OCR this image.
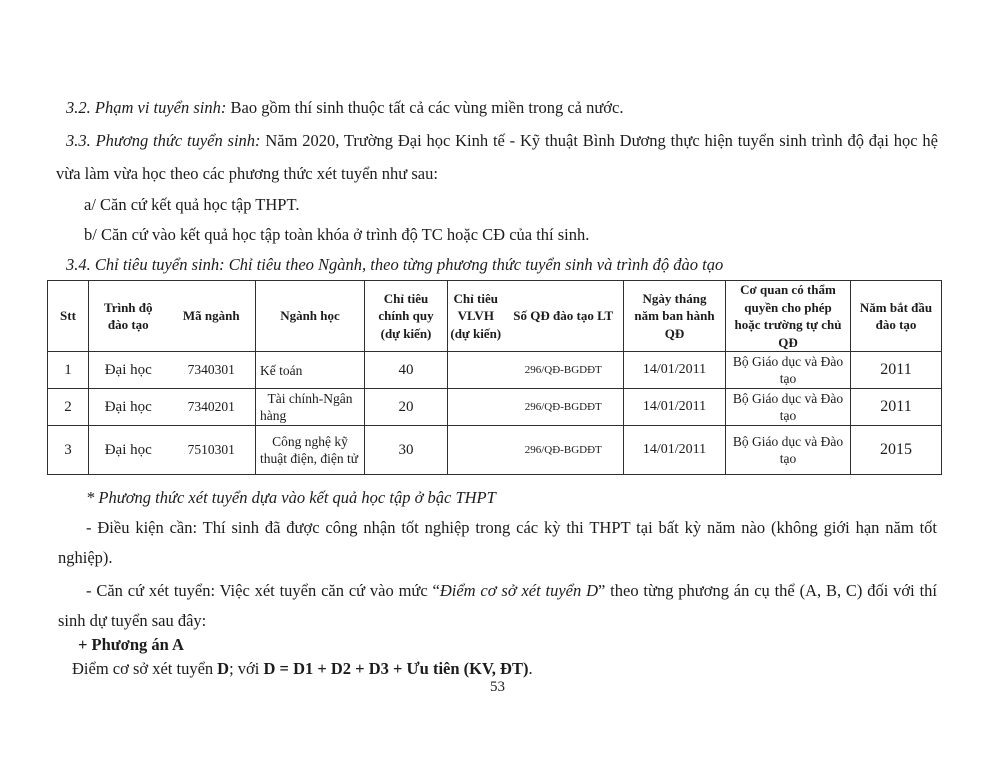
3.2. Phạm vi tuyển sinh: Bao gồm thí sinh thuộc tất cả các vùng miền trong cả nước.

3.3. Phương thức tuyển sinh: Năm 2020, Trường Đại học Kinh tế - Kỹ thuật Bình Dương thực hiện tuyển sinh trình độ đại học hệ vừa làm vừa học theo các phương thức xét tuyển như sau:

a/ Căn cứ kết quả học tập THPT.

b/ Căn cứ vào kết quả học tập toàn khóa ở trình độ TC hoặc CĐ của thí sinh.

3.4. Chỉ tiêu tuyển sinh: Chỉ tiêu theo Ngành, theo từng phương thức tuyển sinh và trình độ đào tạo

Stt	Trình độ đào tạo	Mã ngành	Ngành học	Chỉ tiêu chính quy (dự kiến)	Chỉ tiêu VLVH (dự kiến)	Số QĐ đào tạo LT	Ngày tháng năm ban hành QĐ	Cơ quan có thẩm quyền cho phép hoặc trường tự chủ QĐ	Năm bắt đầu đào tạo
1	Đại học	7340301	Kế toán	40		296/QĐ-BGDĐT	14/01/2011	Bộ Giáo dục và Đào tạo	2011
2	Đại học	7340201	Tài chính-Ngân hàng	20		296/QĐ-BGDĐT	14/01/2011	Bộ Giáo dục và Đào tạo	2011
3	Đại học	7510301	Công nghệ kỹ thuật điện, điện tử	30		296/QĐ-BGDĐT	14/01/2011	Bộ Giáo dục và Đào tạo	2015

* Phương thức xét tuyển dựa vào kết quả học tập ở bậc THPT

- Điều kiện cần: Thí sinh đã được công nhận tốt nghiệp trong các kỳ thi THPT tại bất kỳ năm nào (không giới hạn năm tốt nghiệp).

- Căn cứ xét tuyển: Việc xét tuyển căn cứ vào mức “Điểm cơ sở xét tuyển D” theo từng phương án cụ thể (A, B, C) đối với thí sinh dự tuyển sau đây:

+ Phương án A

Điểm cơ sở xét tuyển D; với D = D1 + D2 + D3 + Ưu tiên (KV, ĐT).

53
